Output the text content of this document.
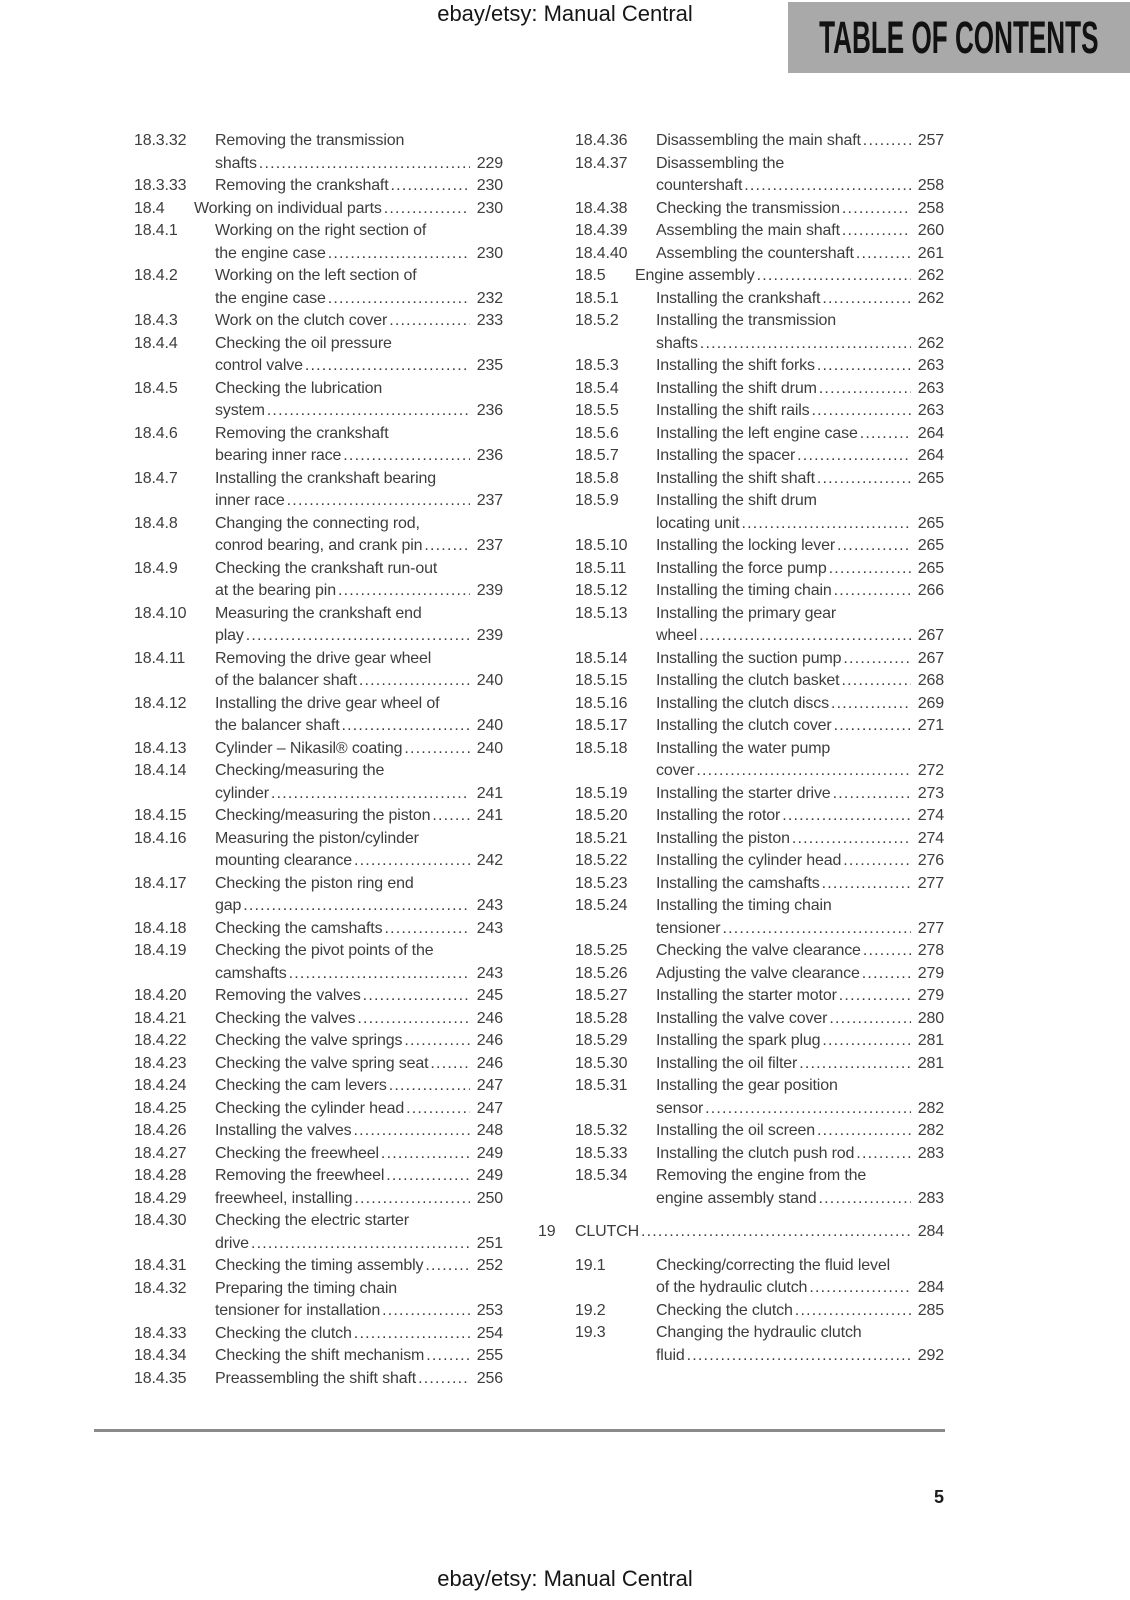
ebay/etsy: Manual Central	TABLE OF CONTENTS
18.3.32	Removing the transmission
shafts .....	229
18.3.33	Removing the crankshaft .....	230
18.4	Working on individual parts .....	230
18.4.1	Working on the right section of
the engine case .....	230
18.4.2	Working on the left section of
the engine case .....	232
18.4.3	Work on the clutch cover .....	233
18.4.4	Checking the oil pressure
control valve .....	235
18.4.5	Checking the lubrication
system .....	236
18.4.6	Removing the crankshaft
bearing inner race .....	236
18.4.7	Installing the crankshaft bearing
inner race .....	237
18.4.8	Changing the connecting rod,
conrod bearing, and crank pin .....	237
18.4.9	Checking the crankshaft run-out
at the bearing pin .....	239
18.4.10	Measuring the crankshaft end
play .....	239
18.4.11	Removing the drive gear wheel
of the balancer shaft .....	240
18.4.12	Installing the drive gear wheel of
the balancer shaft .....	240
18.4.13	Cylinder – Nikasil® coating .....	240
18.4.14	Checking/measuring the
cylinder .....	241
18.4.15	Checking/measuring the piston .....	241
18.4.16	Measuring the piston/cylinder
mounting clearance .....	242
18.4.17	Checking the piston ring end
gap .....	243
18.4.18	Checking the camshafts .....	243
18.4.19	Checking the pivot points of the
camshafts .....	243
18.4.20	Removing the valves .....	245
18.4.21	Checking the valves .....	246
18.4.22	Checking the valve springs .....	246
18.4.23	Checking the valve spring seat .....	246
18.4.24	Checking the cam levers .....	247
18.4.25	Checking the cylinder head .....	247
18.4.26	Installing the valves .....	248
18.4.27	Checking the freewheel .....	249
18.4.28	Removing the freewheel .....	249
18.4.29	freewheel, installing .....	250
18.4.30	Checking the electric starter
drive .....	251
18.4.31	Checking the timing assembly .....	252
18.4.32	Preparing the timing chain
tensioner for installation .....	253
18.4.33	Checking the clutch .....	254
18.4.34	Checking the shift mechanism .....	255
18.4.35	Preassembling the shift shaft .....	256
18.4.36	Disassembling the main shaft .....	257
18.4.37	Disassembling the
countershaft .....	258
18.4.38	Checking the transmission .....	258
18.4.39	Assembling the main shaft .....	260
18.4.40	Assembling the countershaft .....	261
18.5	Engine assembly .....	262
18.5.1	Installing the crankshaft .....	262
18.5.2	Installing the transmission
shafts .....	262
18.5.3	Installing the shift forks .....	263
18.5.4	Installing the shift drum .....	263
18.5.5	Installing the shift rails .....	263
18.5.6	Installing the left engine case .....	264
18.5.7	Installing the spacer .....	264
18.5.8	Installing the shift shaft .....	265
18.5.9	Installing the shift drum
locating unit .....	265
18.5.10	Installing the locking lever .....	265
18.5.11	Installing the force pump .....	265
18.5.12	Installing the timing chain .....	266
18.5.13	Installing the primary gear
wheel .....	267
18.5.14	Installing the suction pump .....	267
18.5.15	Installing the clutch basket .....	268
18.5.16	Installing the clutch discs .....	269
18.5.17	Installing the clutch cover .....	271
18.5.18	Installing the water pump
cover .....	272
18.5.19	Installing the starter drive .....	273
18.5.20	Installing the rotor .....	274
18.5.21	Installing the piston .....	274
18.5.22	Installing the cylinder head .....	276
18.5.23	Installing the camshafts .....	277
18.5.24	Installing the timing chain
tensioner .....	277
18.5.25	Checking the valve clearance .....	278
18.5.26	Adjusting the valve clearance .....	279
18.5.27	Installing the starter motor .....	279
18.5.28	Installing the valve cover .....	280
18.5.29	Installing the spark plug .....	281
18.5.30	Installing the oil filter .....	281
18.5.31	Installing the gear position
sensor .....	282
18.5.32	Installing the oil screen .....	282
18.5.33	Installing the clutch push rod .....	283
18.5.34	Removing the engine from the
engine assembly stand .....	283
19	CLUTCH .....	284
19.1	Checking/correcting the fluid level
of the hydraulic clutch .....	284
19.2	Checking the clutch .....	285
19.3	Changing the hydraulic clutch
fluid .....	292
5
ebay/etsy: Manual Central
